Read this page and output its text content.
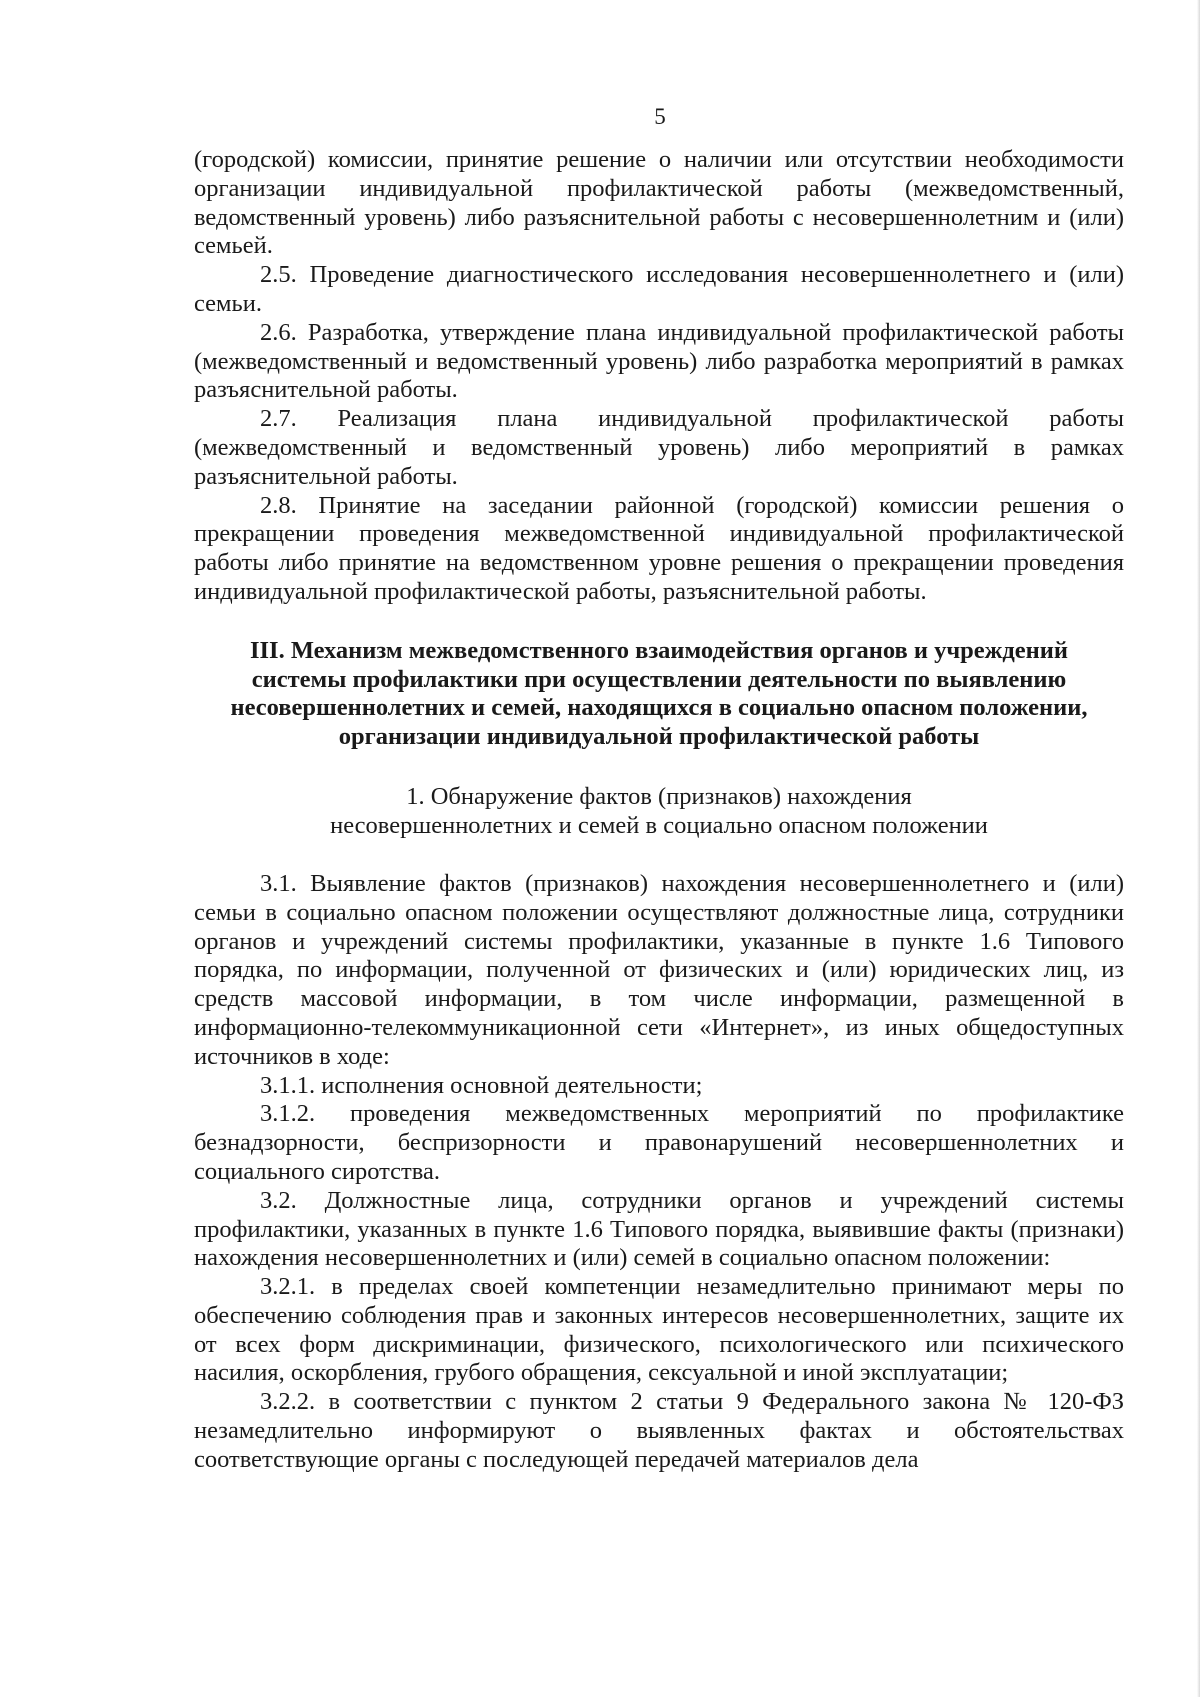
5

(городской) комиссии, принятие решение о наличии или отсутствии необходимости организации индивидуальной профилактической работы (межведомственный, ведомственный уровень) либо разъяснительной работы с несовершеннолетним и (или) семьей.

2.5. Проведение диагностического исследования несовершеннолетнего и (или) семьи.

2.6. Разработка, утверждение плана индивидуальной профилактической работы (межведомственный и ведомственный уровень) либо разработка мероприятий в рамках разъяснительной работы.

2.7. Реализация плана индивидуальной профилактической работы (межведомственный и ведомственный уровень) либо мероприятий в рамках разъяснительной работы.

2.8. Принятие на заседании районной (городской) комиссии решения о прекращении проведения межведомственной индивидуальной профилактической работы либо принятие на ведомственном уровне решения о прекращении проведения индивидуальной профилактической работы, разъяснительной работы.

III. Механизм межведомственного взаимодействия органов и учреждений системы профилактики при осуществлении деятельности по выявлению несовершеннолетних и семей, находящихся в социально опасном положении, организации индивидуальной профилактической работы
1. Обнаружение фактов (признаков) нахождения
несовершеннолетних и семей в социально опасном положении

3.1. Выявление фактов (признаков) нахождения несовершеннолетнего и (или) семьи в социально опасном положении осуществляют должностные лица, сотрудники органов и учреждений системы профилактики, указанные в пункте 1.6 Типового порядка, по информации, полученной от физических и (или) юридических лиц, из средств массовой информации, в том числе информации, размещенной в информационно-телекоммуникационной сети «Интернет», из иных общедоступных источников в ходе:

3.1.1. исполнения основной деятельности;

3.1.2. проведения межведомственных мероприятий по профилактике безнадзорности, беспризорности и правонарушений несовершеннолетних и социального сиротства.

3.2. Должностные лица, сотрудники органов и учреждений системы профилактики, указанных в пункте 1.6 Типового порядка, выявившие факты (признаки) нахождения несовершеннолетних и (или) семей в социально опасном положении:

3.2.1. в пределах своей компетенции незамедлительно принимают меры по обеспечению соблюдения прав и законных интересов несовершеннолетних, защите их от всех форм дискриминации, физического, психологического или психического насилия, оскорбления, грубого обращения, сексуальной и иной эксплуатации;

3.2.2. в соответствии с пунктом 2 статьи 9 Федерального закона № 120-ФЗ незамедлительно информируют о выявленных фактах и обстоятельствах соответствующие органы с последующей передачей материалов дела
